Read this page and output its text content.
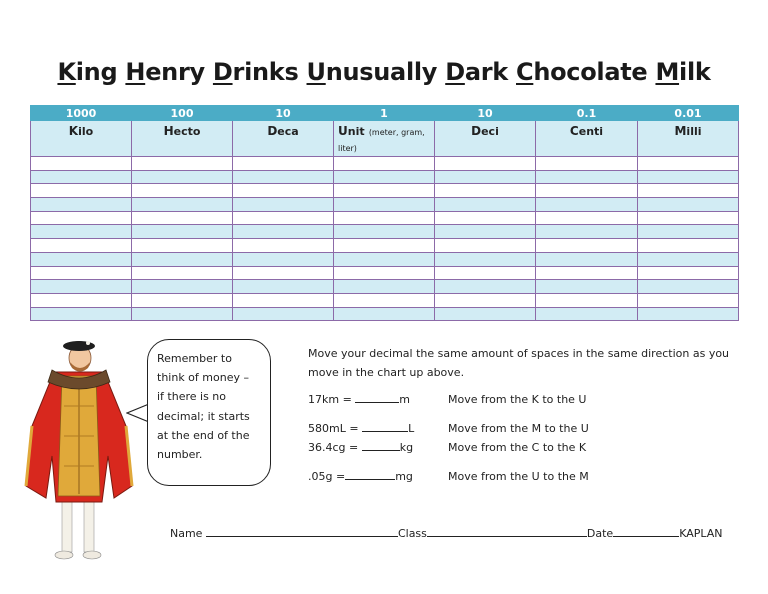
King Henry Drinks Unusually Dark Chocolate Milk
1000	100	10	1	10	0.1	0.01
Kilo	Hecto	Deca	Unit (meter, gram, liter)	Deci	Centi	Milli

Remember to
think of money –
if there is no
decimal; it starts
at the end of the
number.
Move your decimal the same amount of spaces in the same direction as you move in the chart up above.
17km =	m	Move from the K to the U
580mL =	L	Move from the M to the U
36.4cg =	kg	Move from the C to the K
.05g =	mg	Move from the U to the M
Name	Class	Date	KAPLAN
